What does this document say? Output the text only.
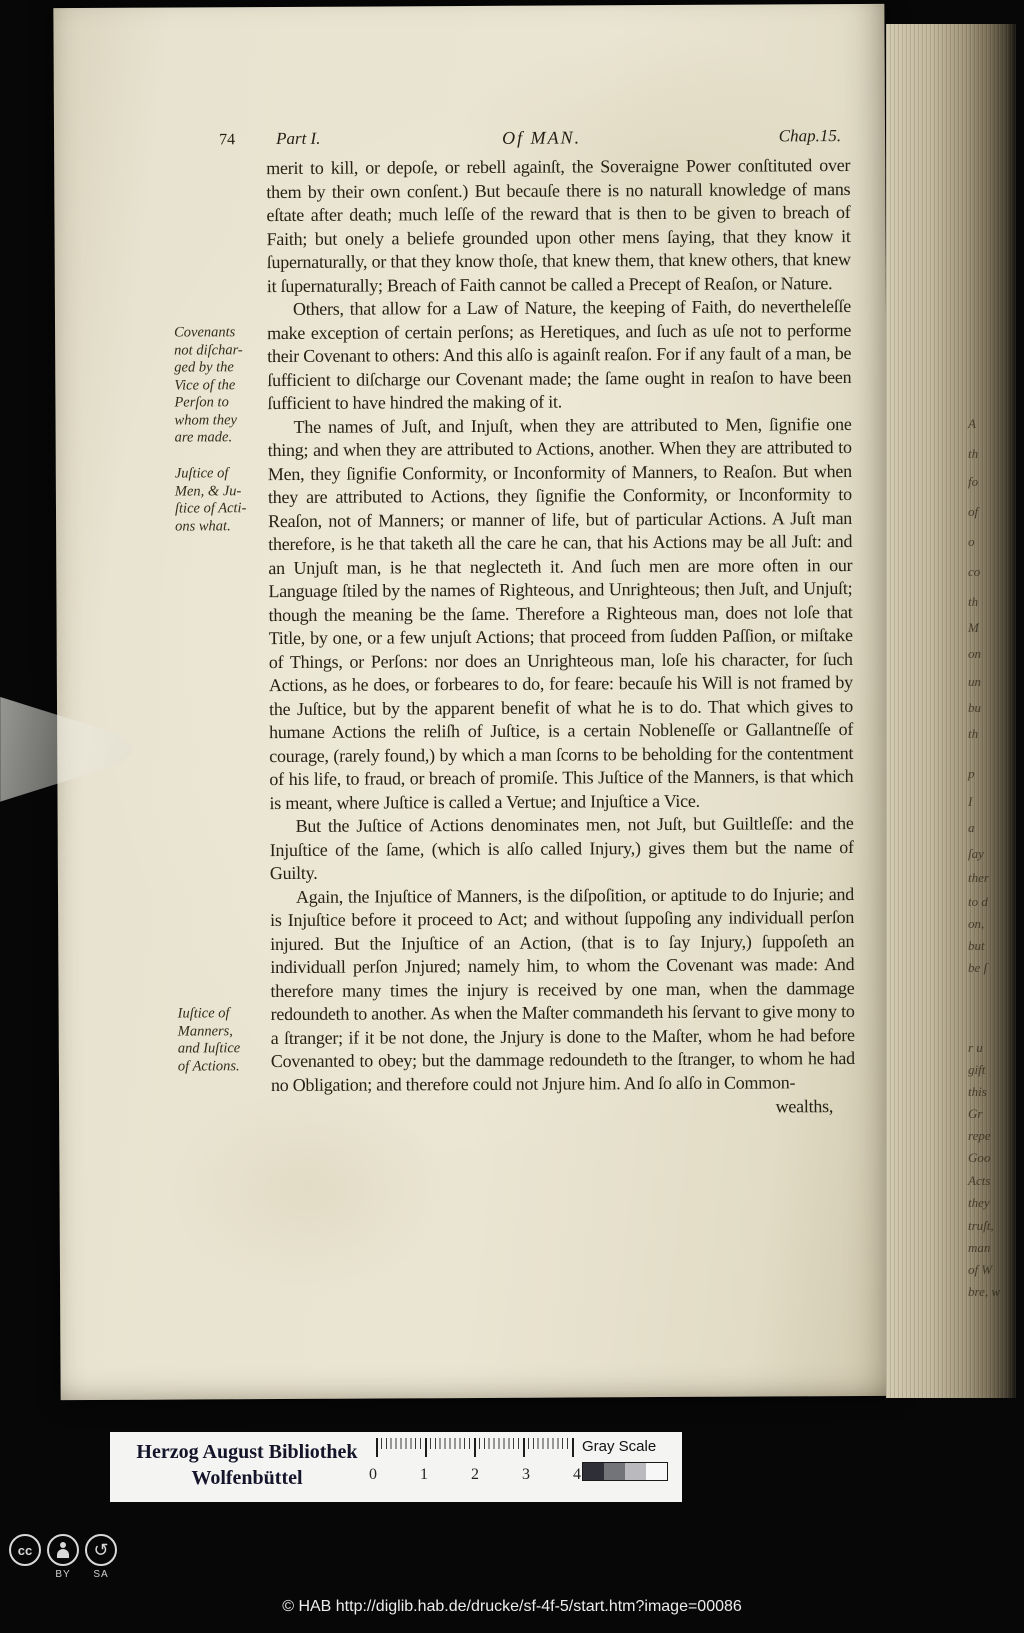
74 Part I.	Of MAN.	Chap.15.
Covenants
not diſchar-
ged by the
Vice of the
Perſon to
whom they
are made.
Juſtice of
Men, & Ju-
ſtice of Acti-
ons what.
Iuſtice of
Manners,
and Iuſtice
of Actions.

merit to kill, or depoſe, or rebell againſt, the Soveraigne Power conſtituted over them by their own conſent.) But becauſe there is no naturall knowledge of mans eſtate after death; much leſſe of the reward that is then to be given to breach of Faith; but onely a beliefe grounded upon other mens ſaying, that they know it ſupernaturally, or that they know thoſe, that knew them, that knew others, that knew it ſupernaturally; Breach of Faith cannot be called a Precept of Reaſon, or Nature.

Others, that allow for a Law of Nature, the keeping of Faith, do nevertheleſſe make exception of certain perſons; as Heretiques, and ſuch as uſe not to performe their Covenant to others: And this alſo is againſt reaſon. For if any fault of a man, be ſufficient to diſcharge our Covenant made; the ſame ought in reaſon to have been ſufficient to have hindred the making of it.

The names of Juſt, and Injuſt, when they are attributed to Men, ſignifie one thing; and when they are attributed to Actions, another. When they are attributed to Men, they ſignifie Conformity, or Inconformity of Manners, to Reaſon. But when they are attributed to Actions, they ſignifie the Conformity, or Inconformity to Reaſon, not of Manners; or manner of life, but of particular Actions. A Juſt man therefore, is he that taketh all the care he can, that his Actions may be all Juſt: and an Unjuſt man, is he that neglecteth it. And ſuch men are more often in our Language ſtiled by the names of Righteous, and Unrighteous; then Juſt, and Unjuſt; though the meaning be the ſame. Therefore a Righteous man, does not loſe that Title, by one, or a few unjuſt Actions; that proceed from ſudden Paſſion, or miſtake of Things, or Perſons: nor does an Unrighteous man, loſe his character, for ſuch Actions, as he does, or forbeares to do, for feare: becauſe his Will is not framed by the Juſtice, but by the apparent benefit of what he is to do. That which gives to humane Actions the reliſh of Juſtice, is a certain Nobleneſſe or Gallantneſſe of courage, (rarely found,) by which a man ſcorns to be beholding for the contentment of his life, to fraud, or breach of promiſe. This Juſtice of the Manners, is that which is meant, where Juſtice is called a Vertue; and Injuſtice a Vice.

But the Juſtice of Actions denominates men, not Juſt, but Guiltleſſe: and the Injuſtice of the ſame, (which is alſo called Injury,) gives them but the name of Guilty.

Again, the Injuſtice of Manners, is the diſpoſition, or aptitude to do Injurie; and is Injuſtice before it proceed to Act; and without ſuppoſing any individuall perſon injured. But the Injuſtice of an Action, (that is to ſay Injury,) ſuppoſeth an individuall perſon Jnjured; namely him, to whom the Covenant was made: And therefore many times the injury is received by one man, when the dammage redoundeth to another. As when the Maſter commandeth his ſervant to give mony to a ſtranger; if it be not done, the Jnjury is done to the Maſter, whom he had before Covenanted to obey; but the dammage redoundeth to the ſtranger, to whom he had no Obligation; and therefore could not Jnjure him. And ſo alſo in Common-

wealths,
A
th
fo
of
o
co
th
M
on
un
bu
th
p
I
a
ſay
ther
to d
on,
but
be ſ
r u
gift
this
Gr
repe
Goo
Acts
they
truſt,
man
of W
bre, w
Herzog August Bibliothek
Wolfenbüttel	0	1	2	3	4
Gray Scale
cc	↺
BY	SA
© HAB http://diglib.hab.de/drucke/sf-4f-5/start.htm?image=00086
